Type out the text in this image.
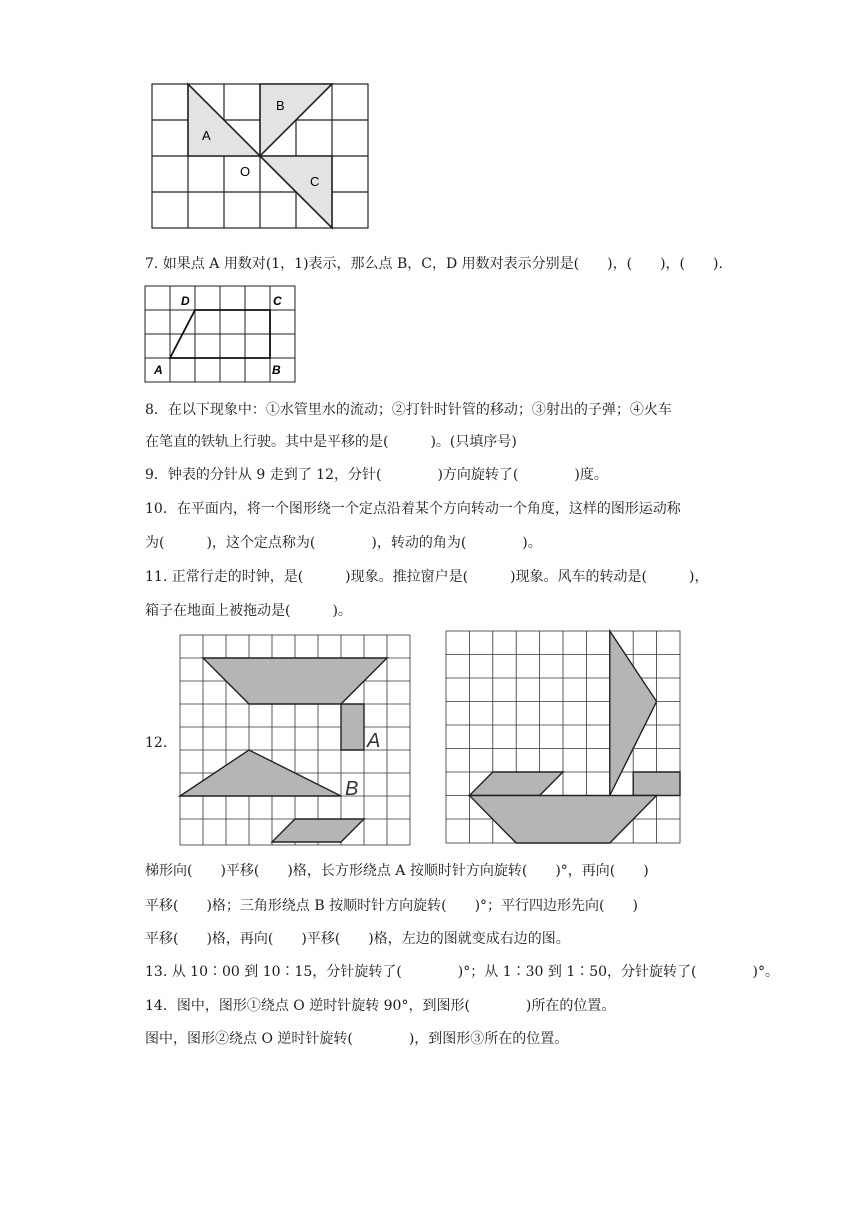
A
B
C
O
7. 如果点 A 用数对(1，1)表示，那么点 B，C，D 用数对表示分别是(　　)，(　　)，(　　).
D	C
A	B
8．在以下现象中：①水管里水的流动；②打针时针管的移动；③射出的子弹；④火车
在笔直的铁轨上行驶。其中是平移的是(　　　)。(只填序号)
9．钟表的分针从 9 走到了 12，分针(　　　　)方向旋转了(　　　　)度。
10．在平面内，将一个图形绕一个定点沿着某个方向转动一个角度，这样的图形运动称
为(　　　)，这个定点称为(　　　　)，转动的角为(　　　　)。
11. 正常行走的时钟，是(　　　)现象。推拉窗户是(　　　)现象。风车的转动是(　　　)，
箱子在地面上被拖动是(　　　)。
12．	A
B
梯形向(　　)平移(　　)格，长方形绕点 A 按顺时针方向旋转(　　)°，再向(　　)
平移(　　)格；三角形绕点 B 按顺时针方向旋转(　　)°；平行四边形先向(　　)
平移(　　)格，再向(　　)平移(　　)格，左边的图就变成右边的图。
13. 从 10∶00 到 10∶15，分针旋转了(　　　　)°；从 1∶30 到 1∶50，分针旋转了(　　　　)°。
14．图中，图形①绕点 O 逆时针旋转 90°，到图形(　　　　)所在的位置。
图中，图形②绕点 O 逆时针旋转(　　　　)，到图形③所在的位置。
